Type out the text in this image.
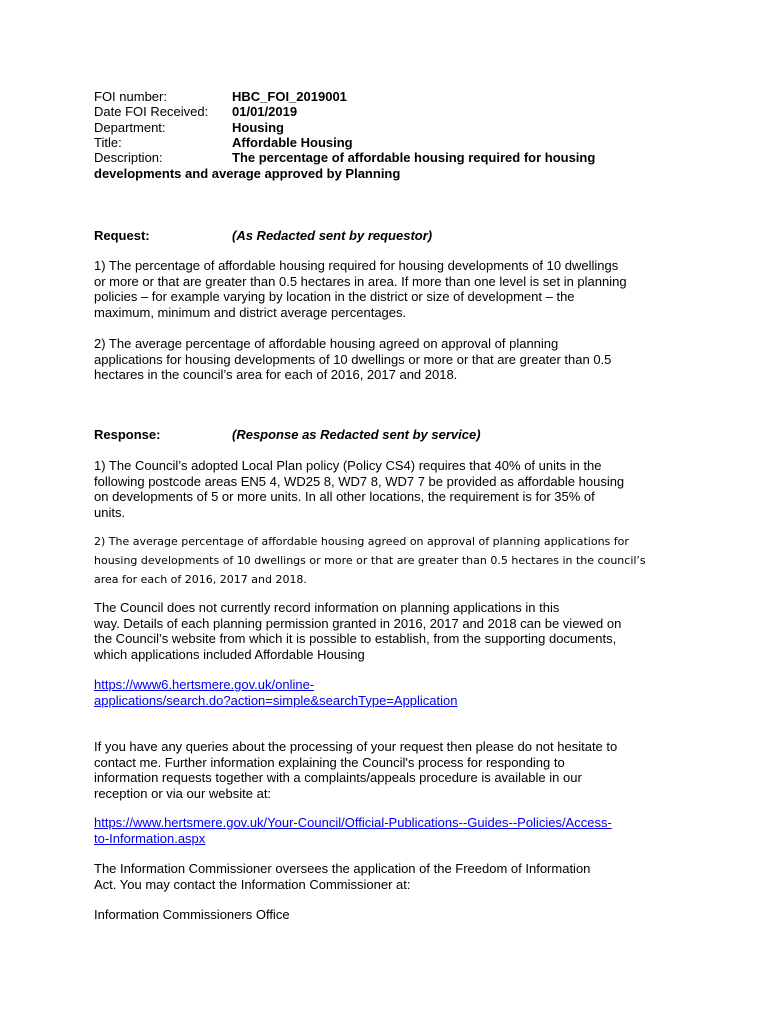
FOI number:	HBC_FOI_2019001
Date FOI Received: 01/01/2019
Department:	Housing
Title:	Affordable Housing
Description:	The percentage of affordable housing required for housing
developments and average approved by Planning
Request:	(As Redacted sent by requestor)
1) The percentage of affordable housing required for housing developments of 10 dwellings
or more or that are greater than 0.5 hectares in area. If more than one level is set in planning
policies – for example varying by location in the district or size of development – the
maximum, minimum and district average percentages.
2) The average percentage of affordable housing agreed on approval of planning
applications for housing developments of 10 dwellings or more or that are greater than 0.5
hectares in the council’s area for each of 2016, 2017 and 2018.
Response:	(Response as Redacted sent by service)
1) The Council’s adopted Local Plan policy (Policy CS4) requires that 40% of units in the
following postcode areas EN5 4, WD25 8, WD7 8, WD7 7 be provided as affordable housing
on developments of 5 or more units. In all other locations, the requirement is for 35% of
units.
2) The average percentage of affordable housing agreed on approval of planning applications for
housing developments of 10 dwellings or more or that are greater than 0.5 hectares in the council’s
area for each of 2016, 2017 and 2018.
The Council does not currently record information on planning applications in this
way. Details of each planning permission granted in 2016, 2017 and 2018 can be viewed on
the Council’s website from which it is possible to establish, from the supporting documents,
which applications included Affordable Housing
https://www6.hertsmere.gov.uk/online-
applications/search.do?action=simple&searchType=Application
If you have any queries about the processing of your request then please do not hesitate to
contact me. Further information explaining the Council's process for responding to
information requests together with a complaints/appeals procedure is available in our
reception or via our website at:
https://www.hertsmere.gov.uk/Your-Council/Official-Publications--Guides--Policies/Access-
to-Information.aspx
The Information Commissioner oversees the application of the Freedom of Information
Act. You may contact the Information Commissioner at:
Information Commissioners Office
